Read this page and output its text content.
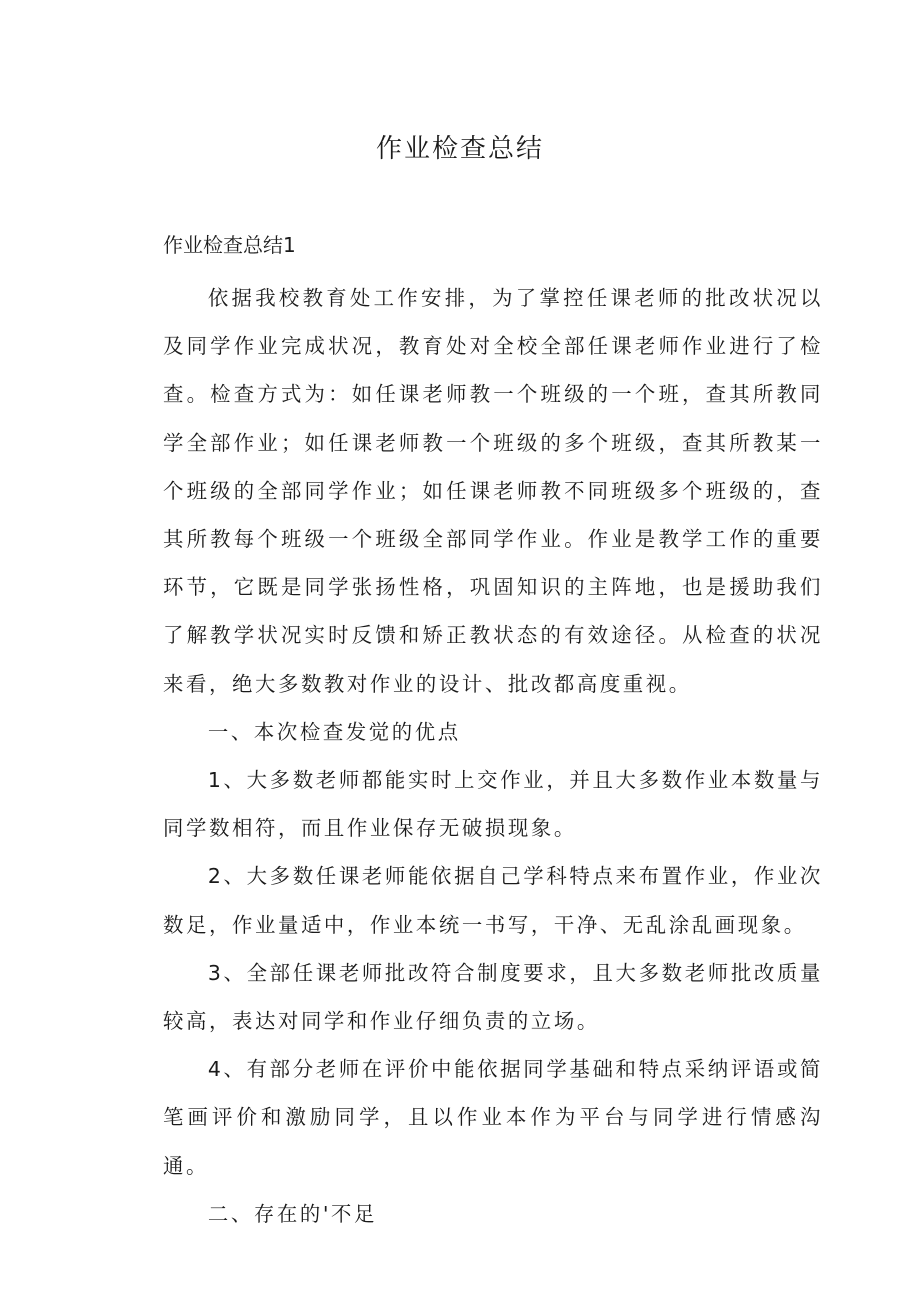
作业检查总结
作业检查总结1

依据我校教育处工作安排，为了掌控任课老师的批改状况以及同学作业完成状况，教育处对全校全部任课老师作业进行了检查。检查方式为：如任课老师教一个班级的一个班，查其所教同学全部作业；如任课老师教一个班级的多个班级，查其所教某一个班级的全部同学作业；如任课老师教不同班级多个班级的，查其所教每个班级一个班级全部同学作业。作业是教学工作的重要环节，它既是同学张扬性格，巩固知识的主阵地，也是援助我们了解教学状况实时反馈和矫正教状态的有效途径。从检查的状况来看，绝大多数教对作业的设计、批改都高度重视。

一、本次检查发觉的优点

1、大多数老师都能实时上交作业，并且大多数作业本数量与同学数相符，而且作业保存无破损现象。

2、大多数任课老师能依据自己学科特点来布置作业，作业次数足，作业量适中，作业本统一书写，干净、无乱涂乱画现象。

3、全部任课老师批改符合制度要求，且大多数老师批改质量较高，表达对同学和作业仔细负责的立场。

4、有部分老师在评价中能依据同学基础和特点采纳评语或简笔画评价和激励同学，且以作业本作为平台与同学进行情感沟通。

二、存在的'不足
